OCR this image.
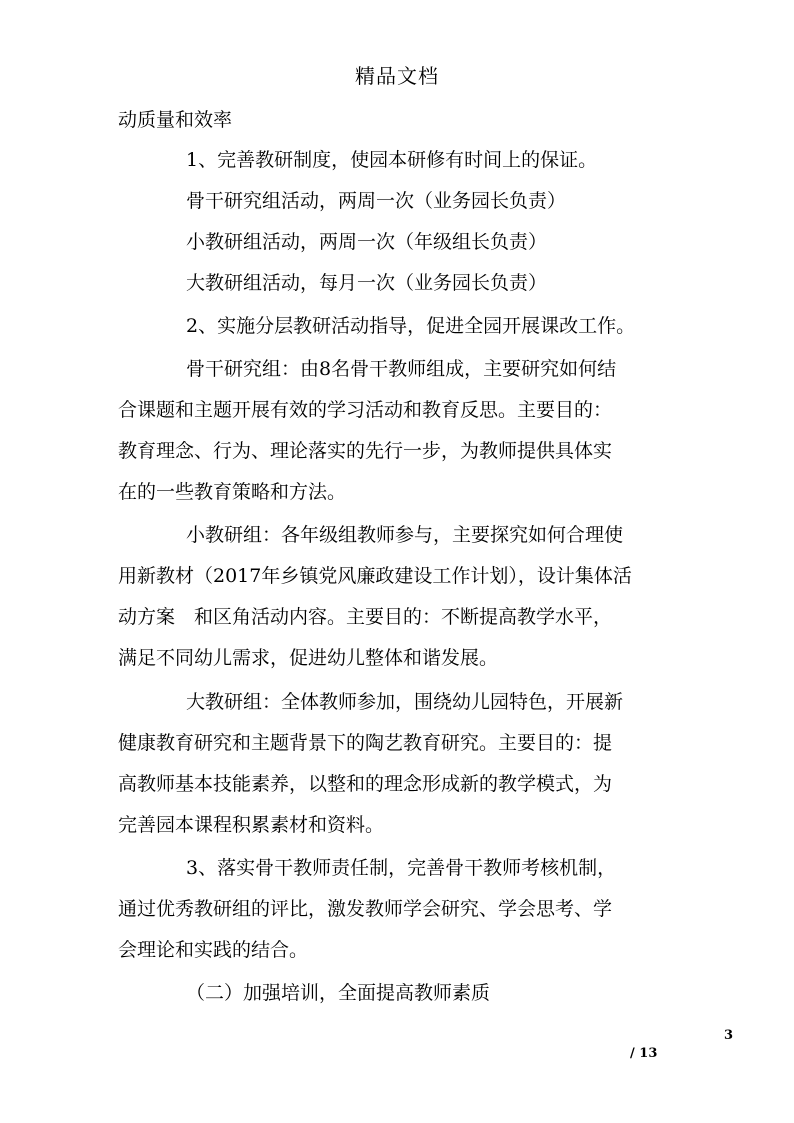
精品文档
动质量和效率
1、完善教研制度，使园本研修有时间上的保证。
骨干研究组活动，两周一次（业务园长负责）
小教研组活动，两周一次（年级组长负责）
大教研组活动，每月一次（业务园长负责）
2、实施分层教研活动指导，促进全园开展课改工作。
骨干研究组：由8名骨干教师组成，主要研究如何结
合课题和主题开展有效的学习活动和教育反思。主要目的：
教育理念、行为、理论落实的先行一步，为教师提供具体实
在的一些教育策略和方法。
小教研组：各年级组教师参与，主要探究如何合理使
用新教材（2017年乡镇党风廉政建设工作计划），设计集体活
动方案　和区角活动内容。主要目的：不断提高教学水平，
满足不同幼儿需求，促进幼儿整体和谐发展。
大教研组：全体教师参加，围绕幼儿园特色，开展新
健康教育研究和主题背景下的陶艺教育研究。主要目的：提
高教师基本技能素养，以整和的理念形成新的教学模式，为
完善园本课程积累素材和资料。
3、落实骨干教师责任制，完善骨干教师考核机制，
通过优秀教研组的评比，激发教师学会研究、学会思考、学
会理论和实践的结合。
（二）加强培训，全面提高教师素质
3
/ 13
